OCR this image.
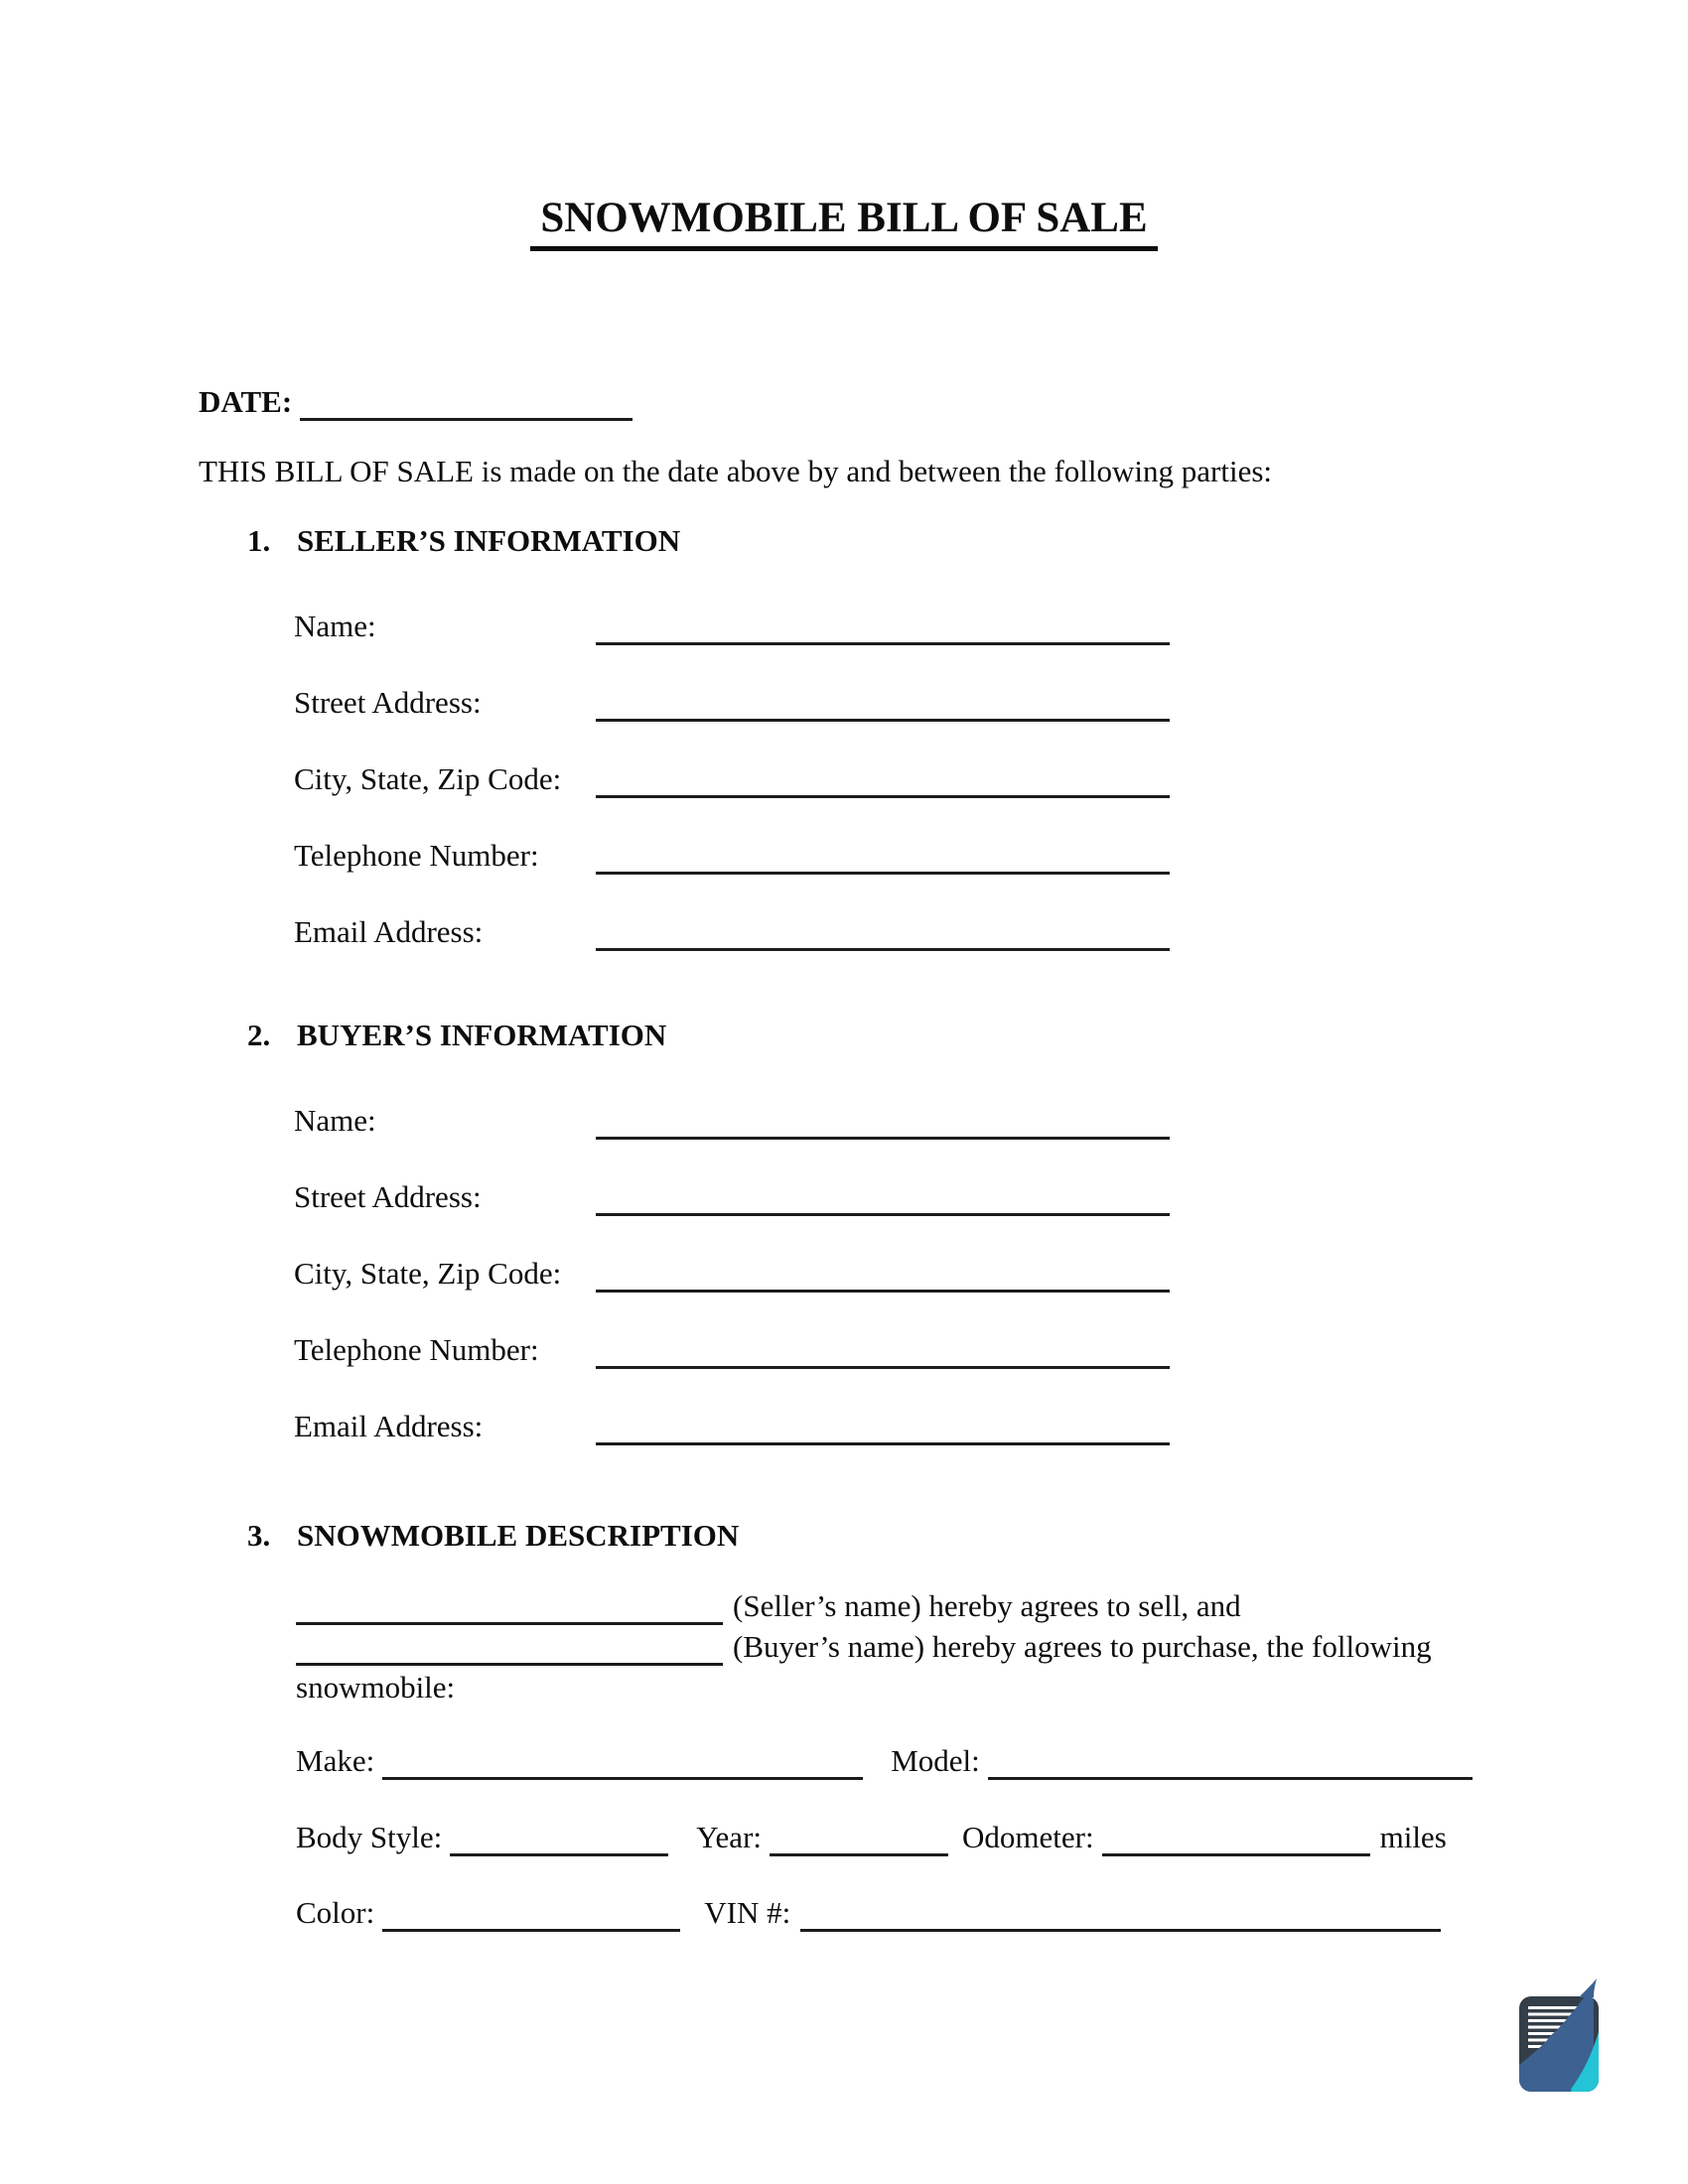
SNOWMOBILE BILL OF SALE
DATE:

THIS BILL OF SALE is made on the date above by and between the following parties:

1. SELLER’S INFORMATION
Name:
Street Address:
City, State, Zip Code:
Telephone Number:
Email Address:
2. BUYER’S INFORMATION
Name:
Street Address:
City, State, Zip Code:
Telephone Number:
Email Address:
3. SNOWMOBILE DESCRIPTION

(Seller’s name) hereby agrees to sell, and
(Buyer’s name) hereby agrees to purchase, the following
snowmobile:

Make:	Model:
Body Style:	Year:	Odometer:	miles
Color:	VIN #:
